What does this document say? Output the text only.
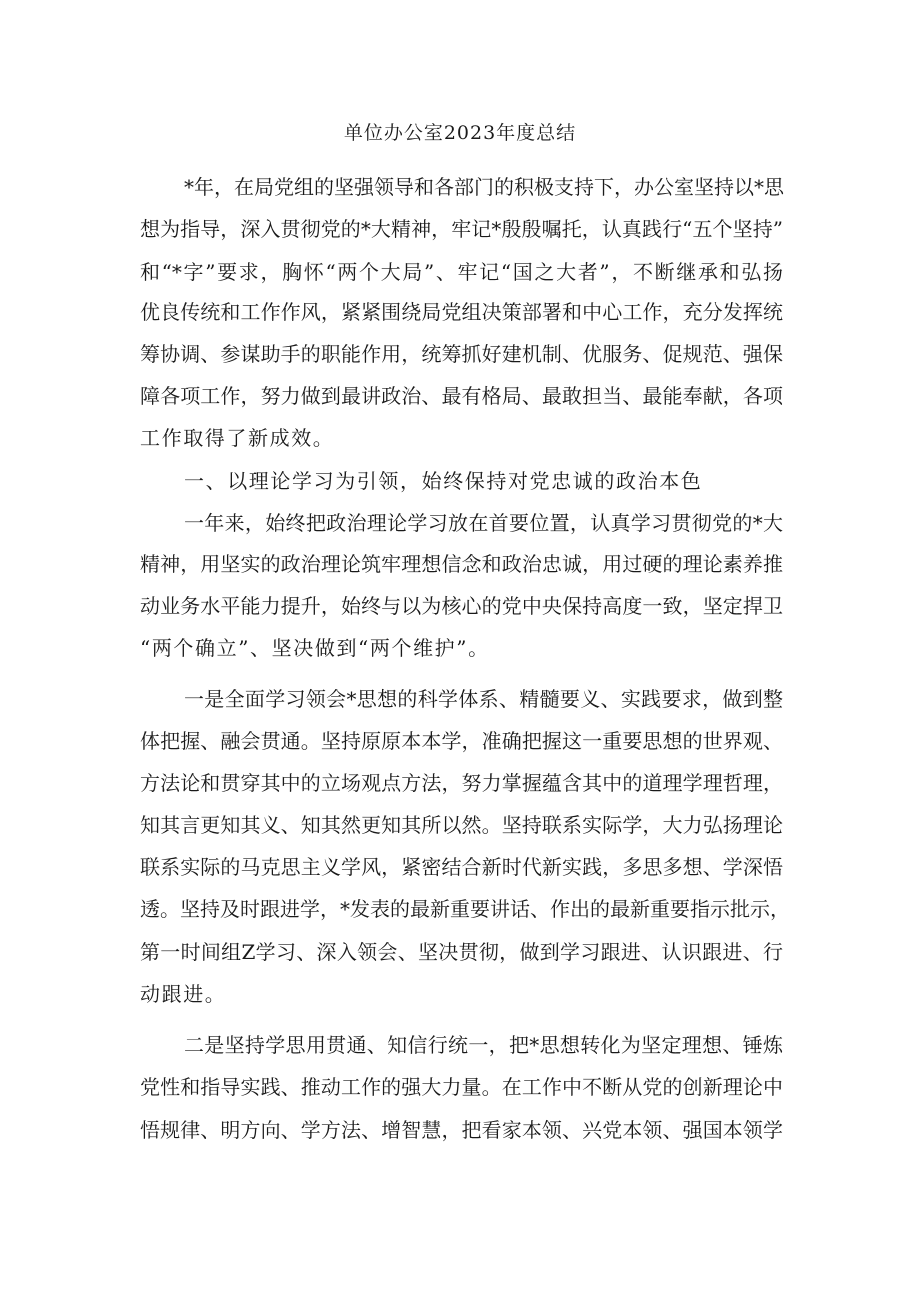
单位办公室2023年度总结

*年，在局党组的坚强领导和各部门的积极支持下，办公室坚持以*思

想为指导，深入贯彻党的*大精神，牢记*殷殷嘱托，认真践行“五个坚持”

和“*字”要求，胸怀“两个大局”、牢记“国之大者”，不断继承和弘扬

优良传统和工作作风，紧紧围绕局党组决策部署和中心工作，充分发挥统

筹协调、参谋助手的职能作用，统筹抓好建机制、优服务、促规范、强保

障各项工作，努力做到最讲政治、最有格局、最敢担当、最能奉献，各项

工作取得了新成效。

一、以理论学习为引领，始终保持对党忠诚的政治本色

一年来，始终把政治理论学习放在首要位置，认真学习贯彻党的*大

精神，用坚实的政治理论筑牢理想信念和政治忠诚，用过硬的理论素养推

动业务水平能力提升，始终与以为核心的党中央保持高度一致，坚定捍卫

“两个确立”、坚决做到“两个维护”。

一是全面学习领会*思想的科学体系、精髓要义、实践要求，做到整

体把握、融会贯通。坚持原原本本学，准确把握这一重要思想的世界观、

方法论和贯穿其中的立场观点方法，努力掌握蕴含其中的道理学理哲理，

知其言更知其义、知其然更知其所以然。坚持联系实际学，大力弘扬理论

联系实际的马克思主义学风，紧密结合新时代新实践，多思多想、学深悟

透。坚持及时跟进学，*发表的最新重要讲话、作出的最新重要指示批示，

第一时间组Z学习、深入领会、坚决贯彻，做到学习跟进、认识跟进、行

动跟进。

二是坚持学思用贯通、知信行统一，把*思想转化为坚定理想、锤炼

党性和指导实践、推动工作的强大力量。在工作中不断从党的创新理论中

悟规律、明方向、学方法、增智慧，把看家本领、兴党本领、强国本领学
